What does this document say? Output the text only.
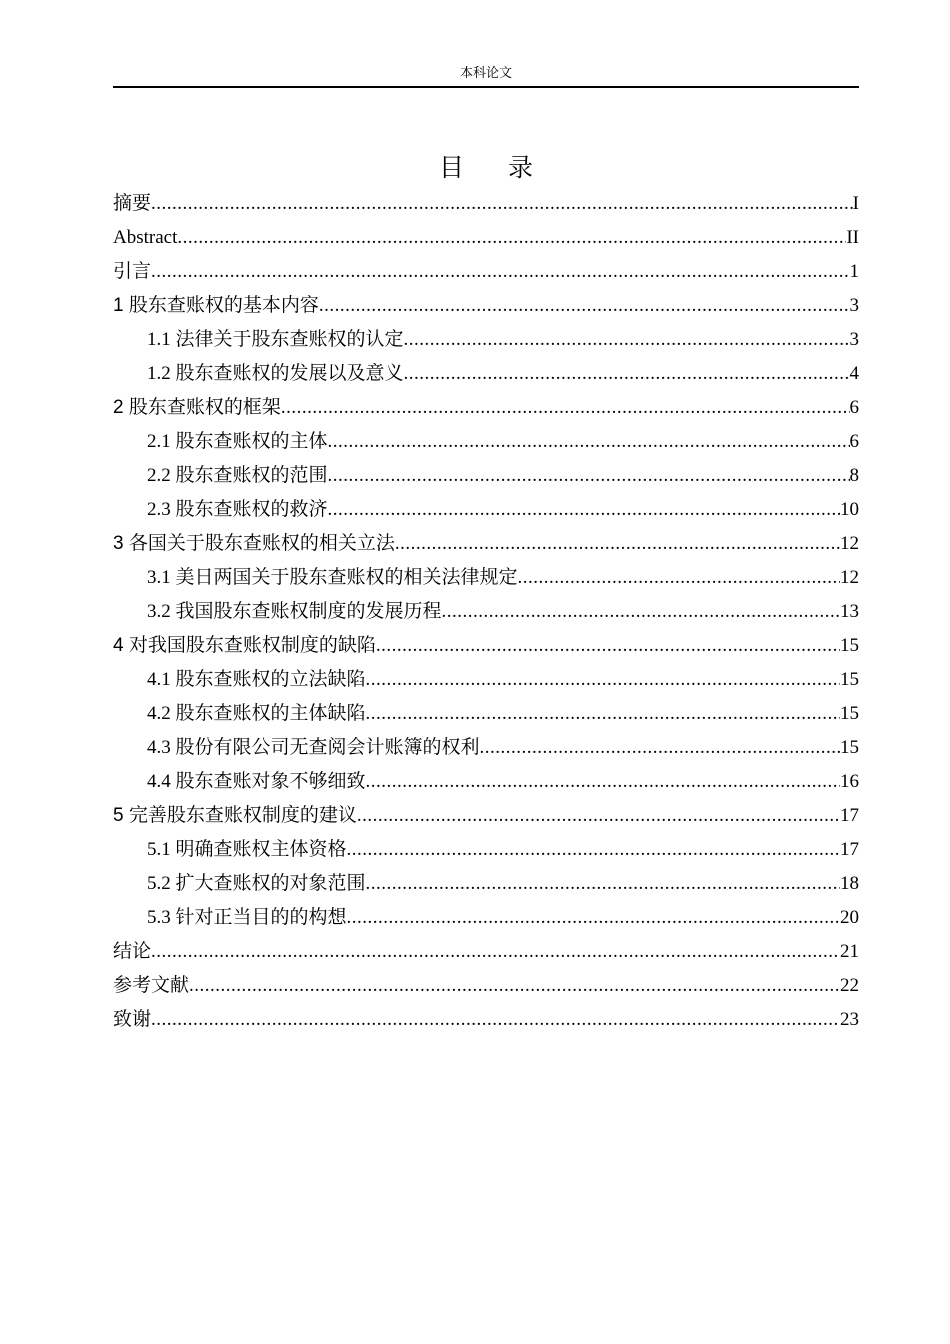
本科论文
目录
摘要 .....	I
Abstract .....	II
引言 .....	1
1 股东查账权的基本内容 .....	3
1.1 法律关于股东查账权的认定 .....	3
1.2 股东查账权的发展以及意义 .....	4
2 股东查账权的框架 .....	6
2.1 股东查账权的主体 .....	6
2.2 股东查账权的范围 .....	8
2.3 股东查账权的救济 .....	10
3 各国关于股东查账权的相关立法 .....	12
3.1 美日两国关于股东查账权的相关法律规定 .....	12
3.2 我国股东查账权制度的发展历程 .....	13
4 对我国股东查账权制度的缺陷 .....	15
4.1 股东查账权的立法缺陷 .....	15
4.2 股东查账权的主体缺陷 .....	15
4.3 股份有限公司无查阅会计账簿的权利 .....	15
4.4 股东查账对象不够细致 .....	16
5 完善股东查账权制度的建议 .....	17
5.1 明确查账权主体资格 .....	17
5.2 扩大查账权的对象范围 .....	18
5.3 针对正当目的的构想 .....	20
结论 .....	21
参考文献 .....	22
致谢 .....	23
